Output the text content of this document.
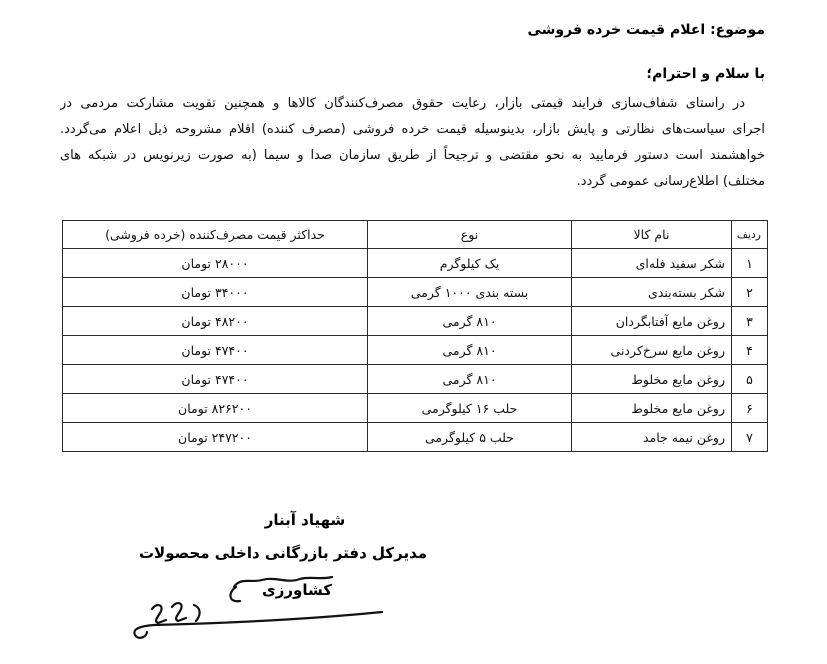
موضوع: اعلام قیمت خرده فروشی
با سلام و احترام؛
در راستای شفاف‌سازی فرایند قیمتی بازار، رعایت حقوق مصرف‌کنندگان کالاها و همچنین تقویت مشارکت مردمی در
اجرای سیاست‌های نظارتی و پایش بازار، بدینوسیله قیمت خرده فروشی (مصرف کننده) اقلام مشروحه ذیل اعلام می‌گردد.
خواهشمند است دستور فرمایید به نحو مقتضی و ترجیحاً از طریق سازمان صدا و سیما (به صورت زیرنویس در شبکه های
مختلف) اطلاع‌رسانی عمومی گردد.
ردیف	نام کالا	نوع	حداکثر قیمت مصرف‌کننده (خرده فروشی)
۱	شکر سفید فله‌ای	یک کیلوگرم	۲۸۰۰۰ تومان
۲	شکر بسته‌بندی	بسته بندی ۱۰۰۰ گرمی	۳۴۰۰۰ تومان
۳	روغن مایع آفتابگردان	۸۱۰ گرمی	۴۸۲۰۰ تومان
۴	روغن مایع سرخ‌کردنی	۸۱۰ گرمی	۴۷۴۰۰ تومان
۵	روغن مایع مخلوط	۸۱۰ گرمی	۴۷۴۰۰ تومان
۶	روغن مایع مخلوط	حلب ۱۶ کیلوگرمی	۸۲۶۲۰۰ تومان
۷	روغن نیمه جامد	حلب ۵ کیلوگرمی	۲۴۷۲۰۰ تومان
شهیاد آبنار
مدیرکل دفتر بازرگانی داخلی محصولات
کشاورزی
